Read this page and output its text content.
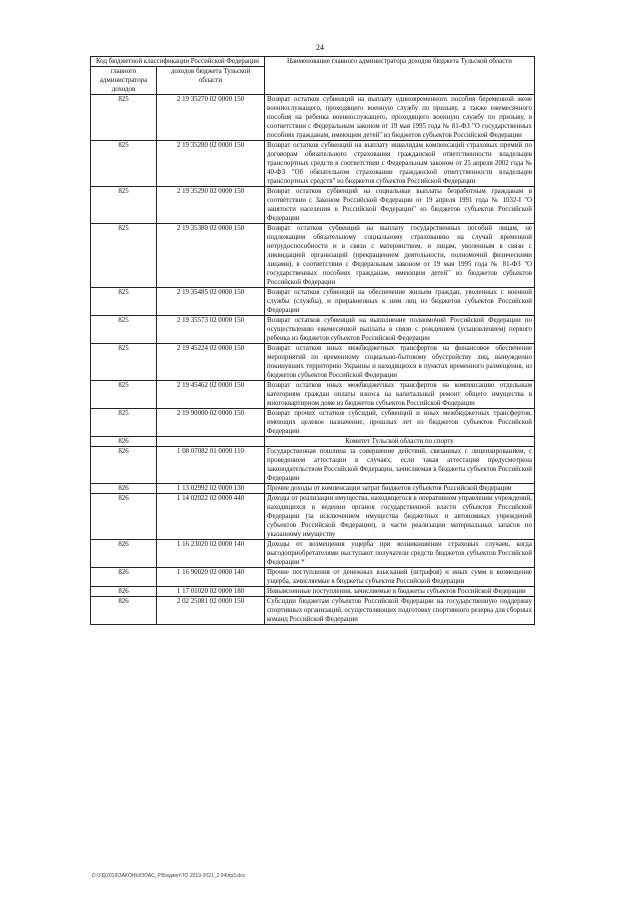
24
Код бюджетной классификации Российской Федерации		Наименование главного администратора доходов бюджета Тульской области
главного администратора доходов	доходов бюджета Тульской области	
825	2 19 35270 02 0000 150	Возврат остатков субвенций на выплату единовременного пособия беременной жене военнослужащего, проходящего военную службу по призыву, а также ежемесячного пособия на ребенка военнослужащего, проходящего военную службу по призыву, в соответствии с Федеральным законом от 19 мая 1995 года № 81-ФЗ "О государственных пособиях гражданам, имеющим детей" из бюджетов субъектов Российской Федерации
825	2 19 35280 02 0000 150	Возврат остатков субвенций на выплату инвалидам компенсаций страховых премий по договорам обязательного страхования гражданской ответственности владельцев транспортных средств в соответствии с Федеральным законом от 25 апреля 2002 года № 40-ФЗ "Об обязательном страховании гражданской ответственности владельцев транспортных средств" из бюджетов субъектов Российской Федерации
825	2 19 35290 02 0000 150	Возврат остатков субвенций на социальные выплаты безработным гражданам в соответствии с Законом Российской Федерации от 19 апреля 1991 года № 1032-I "О занятости населения в Российской Федерации" из бюджетов субъектов Российской Федерации
825	2 19 35380 02 0000 150	Возврат остатков субвенций на выплату государственных пособий лицам, не подлежащим обязательному социальному страхованию на случай временной нетрудоспособности и в связи с материнством, и лицам, уволенным в связи с ликвидацией организаций (прекращением деятельности, полномочий физическими лицами), в соответствии с Федеральным законом от 19 мая 1995 года № 81-ФЗ "О государственных пособиях гражданам, имеющим детей" из бюджетов субъектов Российской Федерации
825	2 19 35485 02 0000 150	Возврат остатков субвенций на обеспечение жильем граждан, уволенных с военной службы (службы), и приравненных к ним лиц из бюджетов субъектов Российской Федерации
825	2 19 35573 02 0000 150	Возврат остатков субвенций на выполнение полномочий Российской Федерации по осуществлению ежемесячной выплаты в связи с рождением (усыновлением) первого ребенка из бюджетов субъектов Российской Федерации
825	2 19 45224 02 0000 150	Возврат остатков иных межбюджетных трансфертов на финансовое обеспечение мероприятий по временному социально-бытовому обустройству лиц, вынужденно покинувших территорию Украины и находящихся в пунктах временного размещения, из бюджетов субъектов Российской Федерации
825	2 19 45462 02 0000 150	Возврат остатков иных межбюджетных трансфертов на компенсацию отдельным категориям граждан оплаты взноса на капитальный ремонт общего имущества в многоквартирном доме из бюджетов субъектов Российской Федерации
825	2 19 90000 02 0000 150	Возврат прочих остатков субсидий, субвенций и иных межбюджетных трансфертов, имеющих целевое назначение, прошлых лет из бюджетов субъектов Российской Федерации
826		Комитет Тульской области по спорту
826	1 08 07082 01 0000 110	Государственная пошлина за совершение действий, связанных с лицензированием, с проведением аттестации в случаях, если такая аттестация предусмотрена законодательством Российской Федерации, зачисляемая в бюджеты субъектов Российской Федерации
826	1 13 02992 02 0000 130	Прочие доходы от компенсации затрат бюджетов субъектов Российской Федерации
826	1 14 02022 02 0000 440	Доходы от реализации имущества, находящегося в оперативном управлении учреждений, находящихся в ведении органов государственной власти субъектов Российской Федерации (за исключением имущества бюджетных и автономных учреждений субъектов Российской Федерации), в части реализации материальных запасов по указанному имуществу
826	1 16 23020 02 0000 140	Доходы от возмещения ущерба при возникновении страховых случаев, когда выгодоприобретателями выступают получатели средств бюджетов субъектов Российской Федерации *
826	1 16 90020 02 0000 140	Прочие поступления от денежных взысканий (штрафов) и иных сумм в возмещение ущерба, зачисляемые в бюджеты субъектов Российской Федерации
826	1 17 01020 02 0000 180	Невыясненные поступления, зачисляемые в бюджеты субъектов Российской Федерации
826	2 02 25081 02 0000 150	Субсидии бюджетам субъектов Российской Федерации на государственную поддержку спортивных организаций, осуществляющих подготовку спортивного резерва для сборных команд Российской Федерации
D:\УД\2019\ЗАКОНЫ\ЗОАС_Р\Бюджет\ТО 2019-2021_2.04\пр3.doc
